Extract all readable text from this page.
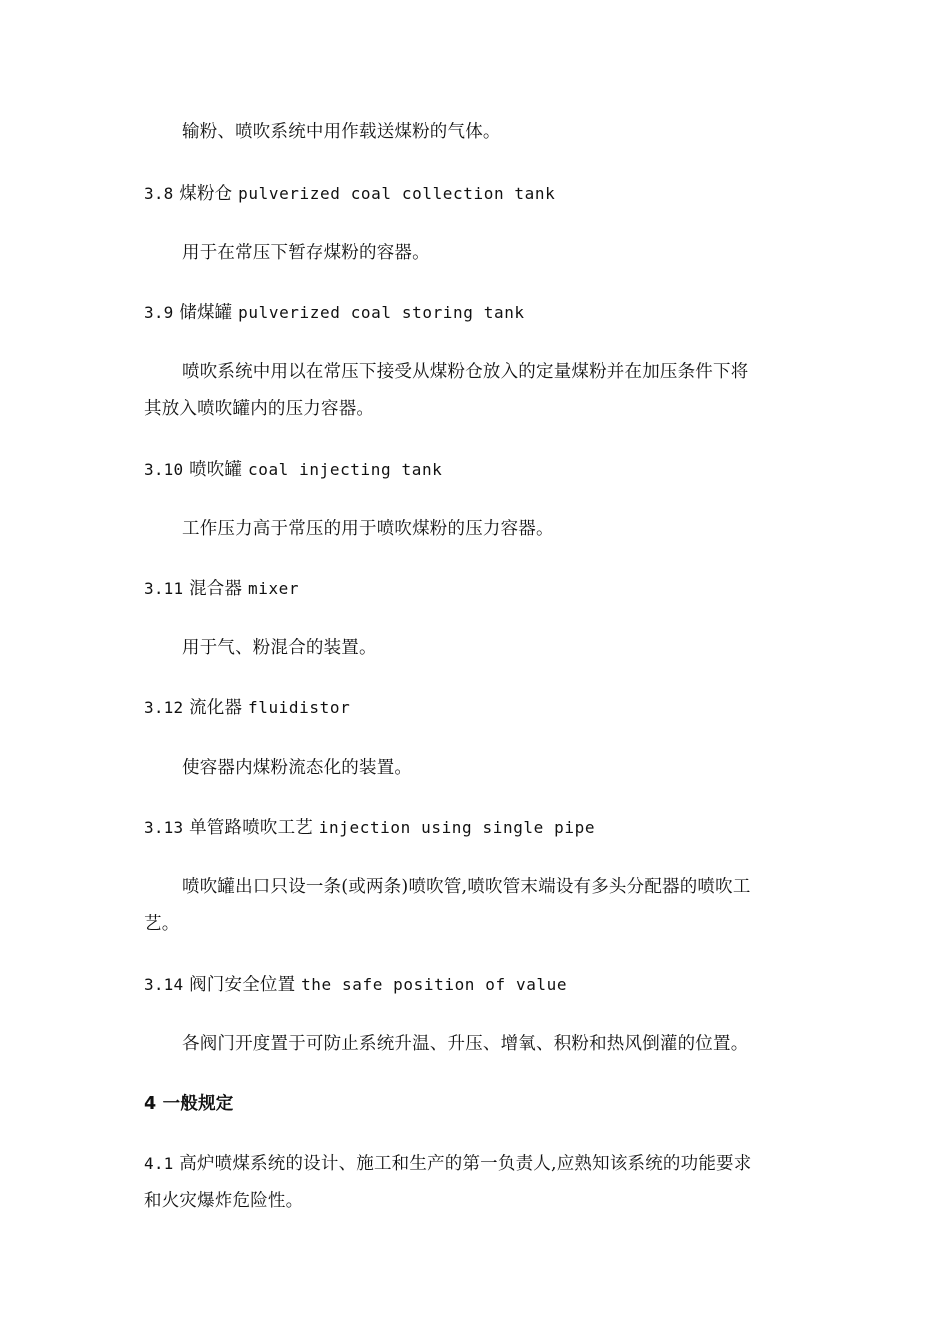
输粉、喷吹系统中用作载送煤粉的气体。
3.8 煤粉仓 pulverized coal collection tank
用于在常压下暂存煤粉的容器。
3.9 储煤罐 pulverized coal storing tank
喷吹系统中用以在常压下接受从煤粉仓放入的定量煤粉并在加压条件下将
其放入喷吹罐内的压力容器。
3.10 喷吹罐 coal injecting tank
工作压力高于常压的用于喷吹煤粉的压力容器。
3.11 混合器 mixer
用于气、粉混合的装置。
3.12 流化器 fluidistor
使容器内煤粉流态化的装置。
3.13 单管路喷吹工艺 injection using single pipe
喷吹罐出口只设一条(或两条)喷吹管,喷吹管末端设有多头分配器的喷吹工
艺。
3.14 阀门安全位置 the safe position of value
各阀门开度置于可防止系统升温、升压、增氧、积粉和热风倒灌的位置。
4 一般规定
4.1 高炉喷煤系统的设计、施工和生产的第一负责人,应熟知该系统的功能要求
和火灾爆炸危险性。
